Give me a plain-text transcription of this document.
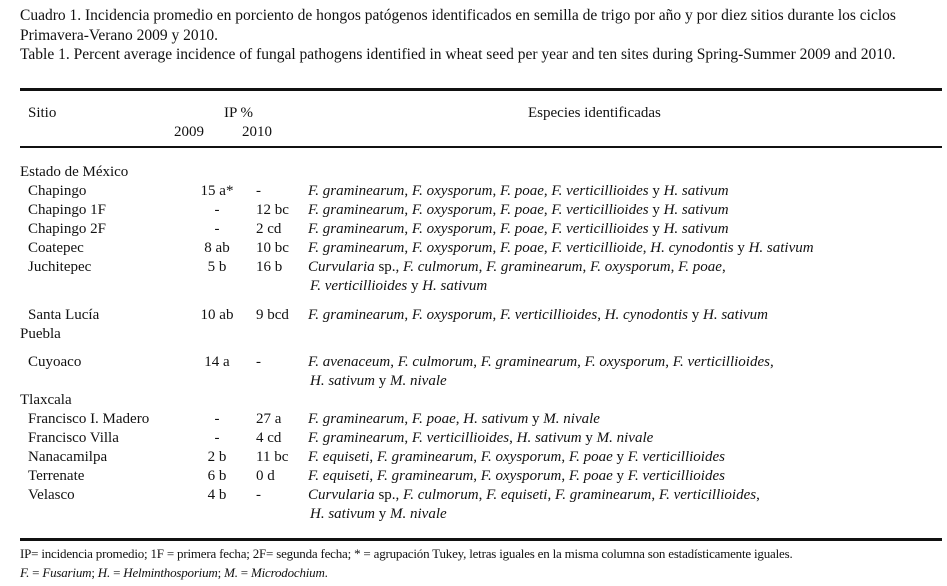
Cuadro 1. Incidencia promedio en porciento de hongos patógenos identificados en semilla de trigo por año y por diez sitios durante los ciclos Primavera-Verano 2009 y 2010.

Table 1. Percent average incidence of fungal pathogens identified in wheat seed per year and ten sites during Spring-Summer 2009 and 2010.

Sitio	IP %
2009	2010
Especies identificadas
Estado de México
Chapingo	15 a*	-	F. graminearum, F. oxysporum, F. poae, F. verticillioides y H. sativum
Chapingo 1F	-	12 bc	F. graminearum, F. oxysporum, F. poae, F. verticillioides y H. sativum
Chapingo 2F	-	2 cd	F. graminearum, F. oxysporum, F. poae, F. verticillioides y H. sativum
Coatepec	8 ab	10 bc	F. graminearum, F. oxysporum, F. poae, F. verticillioide, H. cynodontis y H. sativum
Juchitepec	5 b	16 b	Curvularia sp., F. culmorum, F. graminearum, F. oxysporum, F. poae,
F. verticillioides y H. sativum
Santa Lucía	10 ab	9 bcd	F. graminearum, F. oxysporum, F. verticillioides, H. cynodontis y H. sativum
Puebla
Cuyoaco	14 a	-	F. avenaceum, F. culmorum, F. graminearum, F. oxysporum, F. verticillioides,
H. sativum y M. nivale
Tlaxcala
Francisco I. Madero	-	27 a	F. graminearum, F. poae, H. sativum y M. nivale
Francisco Villa	-	4 cd	F. graminearum, F. verticillioides, H. sativum y M. nivale
Nanacamilpa	2 b	11 bc	F. equiseti, F. graminearum, F. oxysporum, F. poae y F. verticillioides
Terrenate	6 b	0 d	F. equiseti, F. graminearum, F. oxysporum, F. poae y F. verticillioides
Velasco	4 b	-	Curvularia sp., F. culmorum, F. equiseti, F. graminearum, F. verticillioides,
H. sativum y M. nivale
IP= incidencia promedio; 1F = primera fecha; 2F= segunda fecha; * = agrupación Tukey, letras iguales en la misma columna son estadísticamente iguales.
F. = Fusarium; H. = Helminthosporium; M. = Microdochium.
